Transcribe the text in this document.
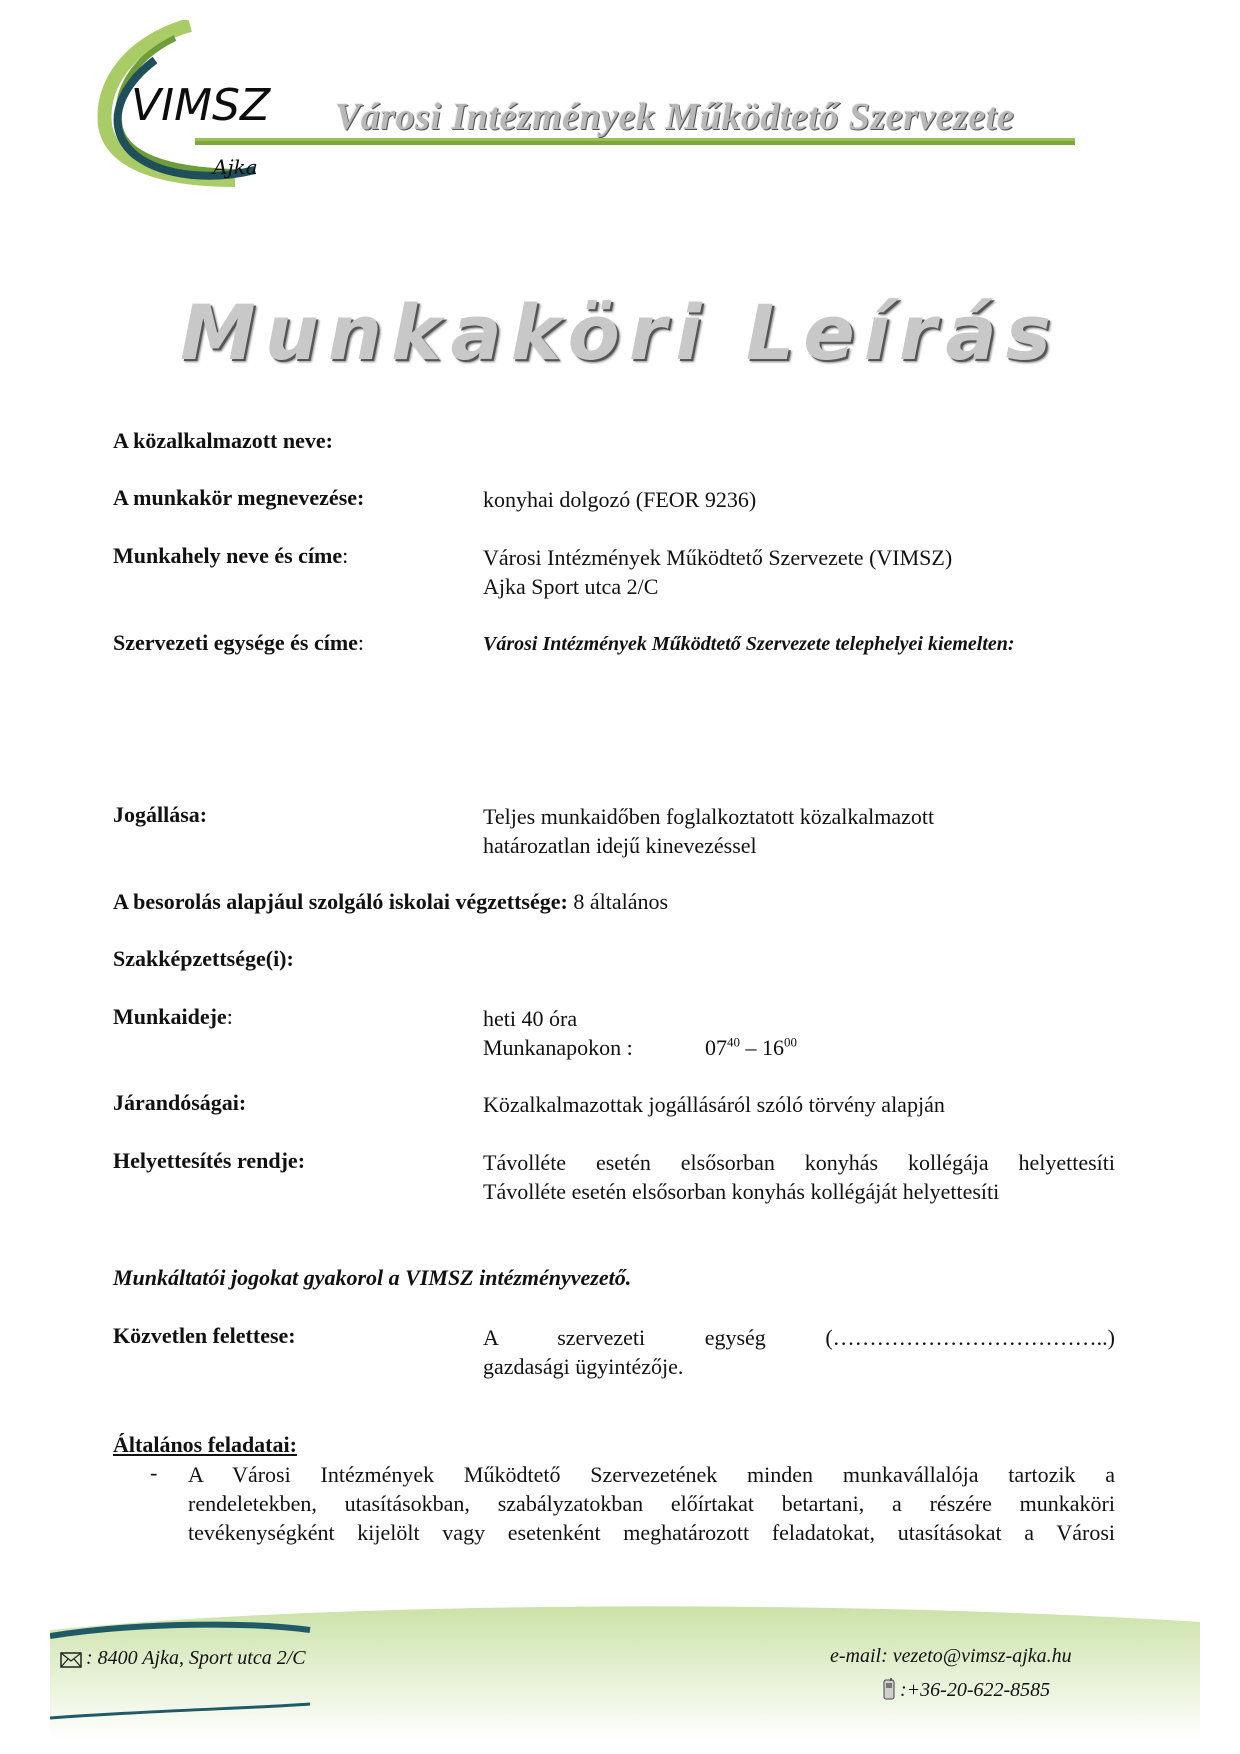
VIMSZ
Ajka
Városi Intézmények Működtető Szervezete
Munkaköri Leírás
A közalkalmazott neve:
A munkakör megnevezése:	konyhai dolgozó (FEOR 9236)
Munkahely neve és címe:	Városi Intézmények Működtető Szervezete (VIMSZ)
Ajka Sport utca 2/C
Szervezeti egysége és címe:	Városi Intézmények Működtető Szervezete telephelyei kiemelten:
Jogállása:	Teljes munkaidőben foglalkoztatott közalkalmazott
határozatlan idejű kinevezéssel
A besorolás alapjául szolgáló iskolai végzettsége: 8 általános
Szakképzettsége(i):
Munkaideje:	heti 40 óra
Munkanapokon :	$07^{40} - 16^{00}$
Járandóságai:	Közalkalmazottak jogállásáról szóló törvény alapján
Helyettesítés rendje:	Távolléte esetén elsősorban konyhás kollégája helyettesíti
Távolléte esetén elsősorban konyhás kollégáját helyettesíti
Munkáltatói jogokat gyakorol a VIMSZ intézményvezető.
Közvetlen felettese:	A szervezeti egység (………………………………..)
gazdasági ügyintézője.
Általános feladatai:
- A Városi Intézmények Működtető Szervezetének minden munkavállalója tartozik a
rendeletekben, utasításokban, szabályzatokban előírtakat betartani, a részére munkaköri
tevékenységként kijelölt vagy esetenként meghatározott feladatokat, utasításokat a Városi
: 8400 Ajka, Sport utca 2/C	e-mail: vezeto@vimsz-ajka.hu
:+36-20-622-8585
